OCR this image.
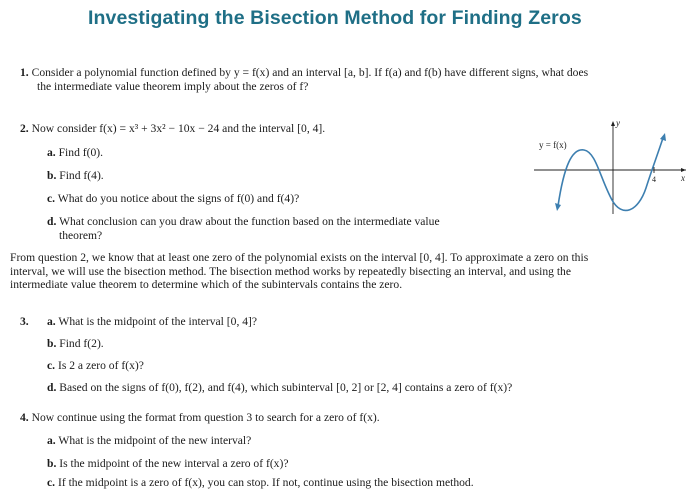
Investigating the Bisection Method for Finding Zeros
1. Consider a polynomial function defined by y = f(x) and an interval [a, b]. If f(a) and f(b) have different signs, what does
the intermediate value theorem imply about the zeros of f?
2. Now consider f(x) = x³ + 3x² − 10x − 24 and the interval [0, 4].
a. Find f(0).
b. Find f(4).
c. What do you notice about the signs of f(0) and f(4)?
d. What conclusion can you draw about the function based on the intermediate value
theorem?
y = f(x)
x
y
4
From question 2, we know that at least one zero of the polynomial exists on the interval [0, 4]. To approximate a zero on this
interval, we will use the bisection method. The bisection method works by repeatedly bisecting an interval, and using the
intermediate value theorem to determine which of the subintervals contains the zero.
3. a. What is the midpoint of the interval [0, 4]?
b. Find f(2).
c. Is 2 a zero of f(x)?
d. Based on the signs of f(0), f(2), and f(4), which subinterval [0, 2] or [2, 4] contains a zero of f(x)?
4. Now continue using the format from question 3 to search for a zero of f(x).
a. What is the midpoint of the new interval?
b. Is the midpoint of the new interval a zero of f(x)?
c. If the midpoint is a zero of f(x), you can stop. If not, continue using the bisection method.
